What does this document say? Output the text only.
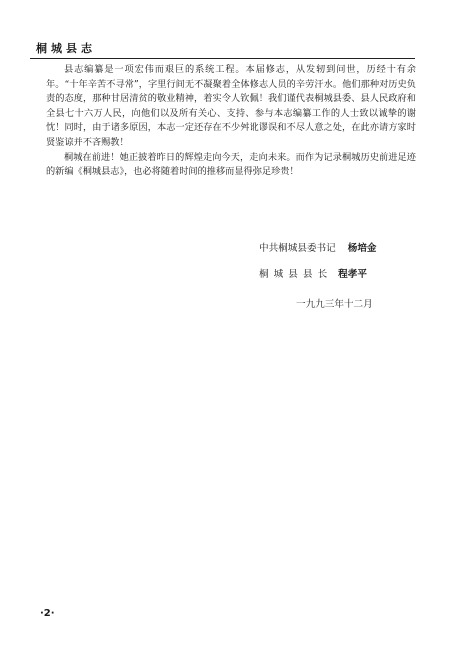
桐城县志

县志编纂是一项宏伟而艰巨的系统工程。本届修志，从发轫到问世，历经十有余年。“十年辛苦不寻常”，字里行间无不凝聚着全体修志人员的辛劳汗水。他们那种对历史负责的态度，那种甘居清贫的敬业精神，着实令人钦佩！我们谨代表桐城县委、县人民政府和全县七十六万人民，向他们以及所有关心、支持、参与本志编纂工作的人士致以诚挚的谢忱！同时，由于诸多原因，本志一定还存在不少舛讹谬误和不尽人意之处，在此亦请方家时贤鉴谅并不吝赐教！

桐城在前进！她正披着昨日的辉煌走向今天，走向未来。而作为记录桐城历史前进足迹的新编《桐城县志》，也必将随着时间的推移而显得弥足珍贵！

中共桐城县委书记 杨培金
桐 城 县 县 长 程孝平
一九九三年十二月
·2·
